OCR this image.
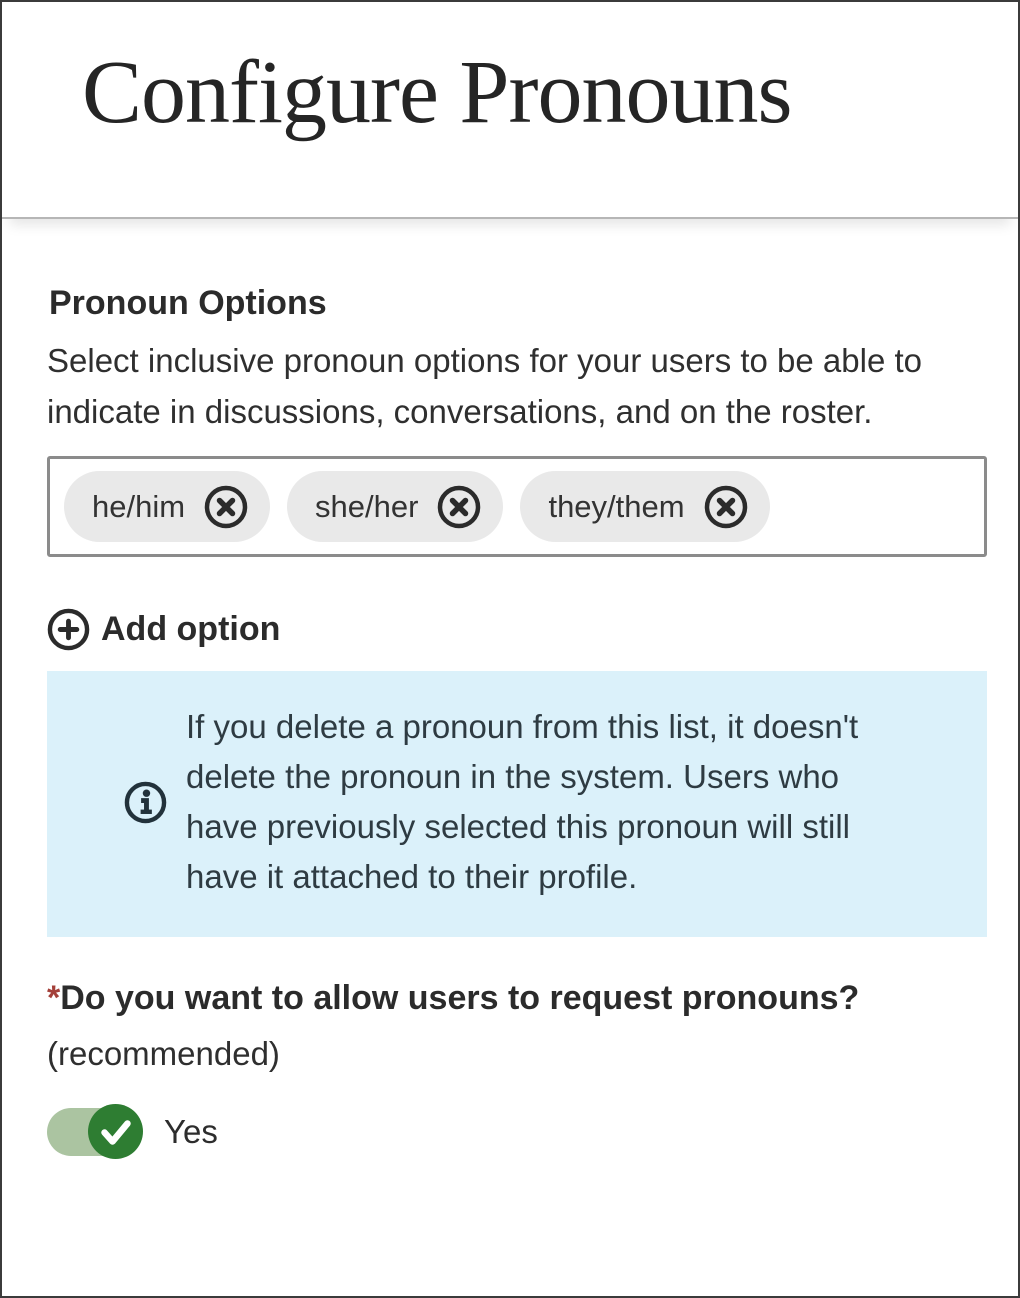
Configure Pronouns
Pronoun Options

Select inclusive pronoun options for your users to be able to indicate in discussions, conversations, and on the roster.

he/him	she/her	they/them
Add option

If you delete a pronoun from this list, it doesn't delete the pronoun in the system. Users who have previously selected this pronoun will still have it attached to their profile.

*Do you want to allow users to request pronouns?
(recommended)
Yes
